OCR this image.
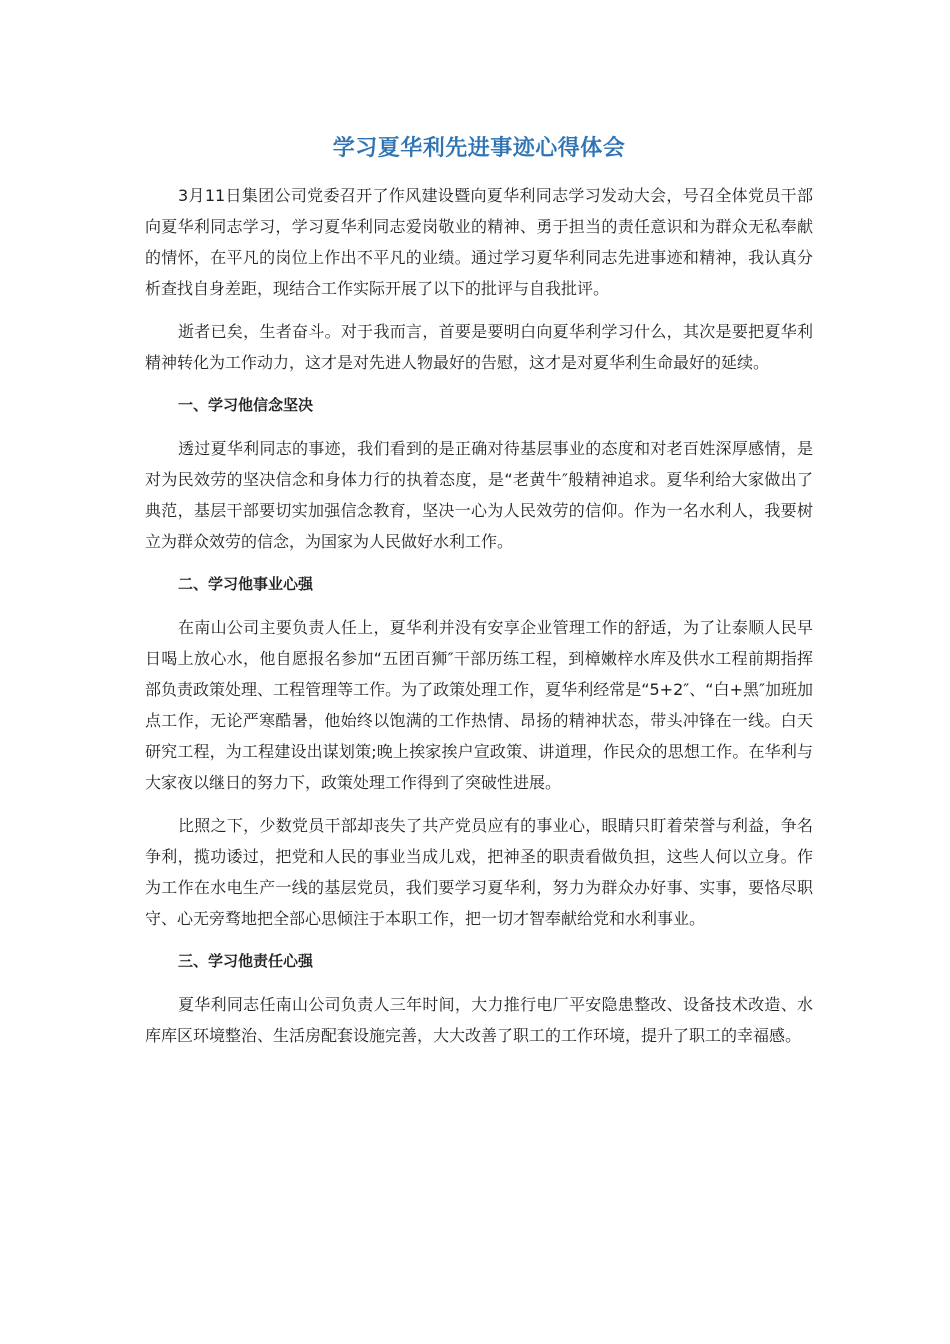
学习夏华利先进事迹心得体会

3月11日集团公司党委召开了作风建设暨向夏华利同志学习发动大会，号召全体党员干部向夏华利同志学习，学习夏华利同志爱岗敬业的精神、勇于担当的责任意识和为群众无私奉献的情怀，在平凡的岗位上作出不平凡的业绩。通过学习夏华利同志先进事迹和精神，我认真分析查找自身差距，现结合工作实际开展了以下的批评与自我批评。

逝者已矣，生者奋斗。对于我而言，首要是要明白向夏华利学习什么，其次是要把夏华利精神转化为工作动力，这才是对先进人物最好的告慰，这才是对夏华利生命最好的延续。

一、学习他信念坚决

透过夏华利同志的事迹，我们看到的是正确对待基层事业的态度和对老百姓深厚感情，是对为民效劳的坚决信念和身体力行的执着态度，是“老黄牛″般精神追求。夏华利给大家做出了典范，基层干部要切实加强信念教育，坚决一心为人民效劳的信仰。作为一名水利人，我要树立为群众效劳的信念，为国家为人民做好水利工作。

二、学习他事业心强

在南山公司主要负责人任上，夏华利并没有安享企业管理工作的舒适，为了让泰顺人民早日喝上放心水，他自愿报名参加“五团百狮″干部历练工程，到樟嫩梓水库及供水工程前期指挥部负责政策处理、工程管理等工作。为了政策处理工作，夏华利经常是“5+2″、“白+黑″加班加点工作，无论严寒酷暑，他始终以饱满的工作热情、昂扬的精神状态，带头冲锋在一线。白天研究工程，为工程建设出谋划策;晚上挨家挨户宣政策、讲道理，作民众的思想工作。在华利与大家夜以继日的努力下，政策处理工作得到了突破性进展。

比照之下，少数党员干部却丧失了共产党员应有的事业心，眼睛只盯着荣誉与利益，争名争利，揽功诿过，把党和人民的事业当成儿戏，把神圣的职责看做负担，这些人何以立身。作为工作在水电生产一线的基层党员，我们要学习夏华利，努力为群众办好事、实事，要恪尽职守、心无旁骛地把全部心思倾注于本职工作，把一切才智奉献给党和水利事业。

三、学习他责任心强

夏华利同志任南山公司负责人三年时间，大力推行电厂平安隐患整改、设备技术改造、水库库区环境整治、生活房配套设施完善，大大改善了职工的工作环境，提升了职工的幸福感。
